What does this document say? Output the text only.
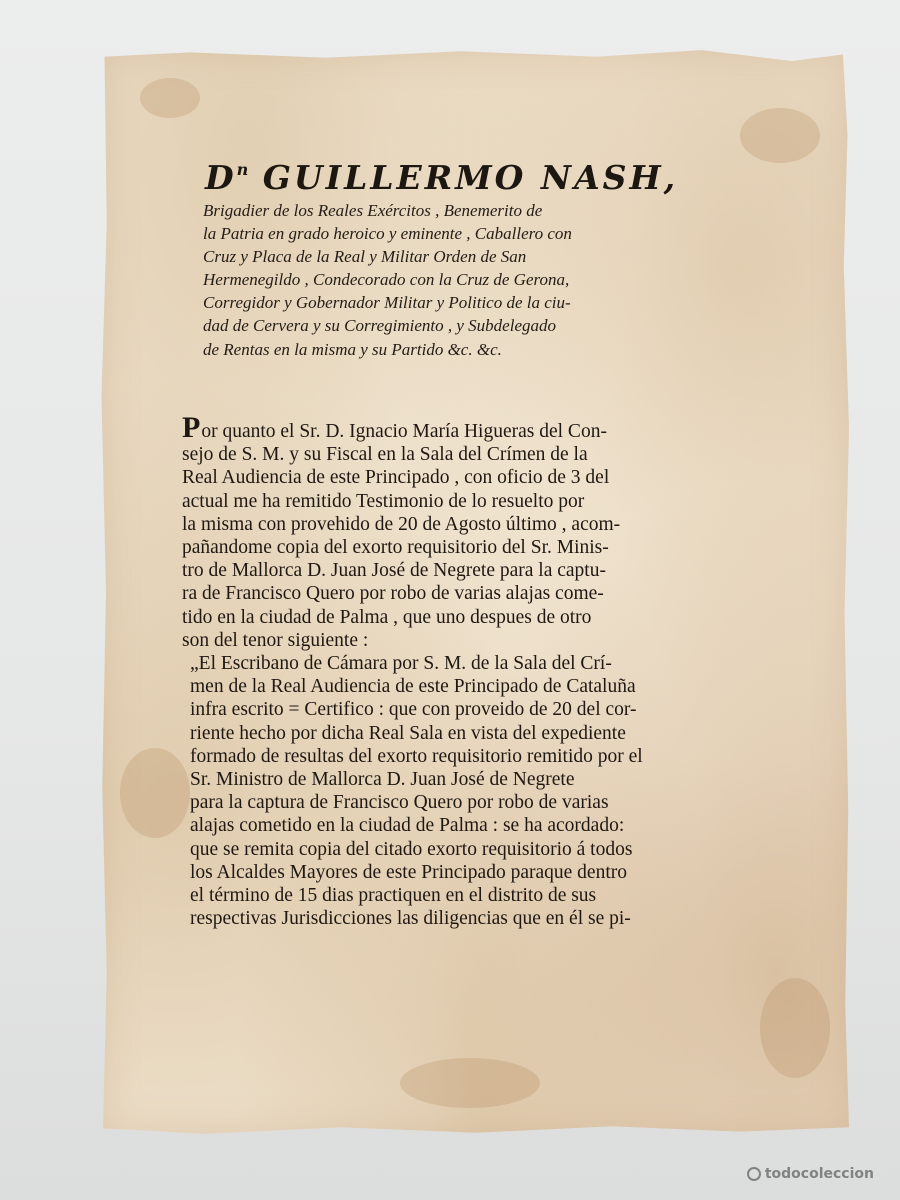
$D^n$ GUILLERMO NASH,
Brigadier de los Reales Exércitos , Benemerito de
la Patria en grado heroico y eminente , Caballero con
Cruz y Placa de la Real y Militar Orden de San
Hermenegildo , Condecorado con la Cruz de Gerona,
Corregidor y Gobernador Militar y Politico de la ciu-
dad de Cervera y su Corregimiento , y Subdelegado
de Rentas en la misma y su Partido &c. &c.
Por quanto el Sr. D. Ignacio María Higueras del Con-
sejo de S. M. y su Fiscal en la Sala del Crímen de la
Real Audiencia de este Principado , con oficio de 3 del
actual me ha remitido Testimonio de lo resuelto por
la misma con provehido de 20 de Agosto último , acom-
pañandome copia del exorto requisitorio del Sr. Minis-
tro de Mallorca D. Juan José de Negrete para la captu-
ra de Francisco Quero por robo de varias alajas come-
tido en la ciudad de Palma , que uno despues de otro
son del tenor siguiente :
„El Escribano de Cámara por S. M. de la Sala del Crí-
men de la Real Audiencia de este Principado de Cataluña
infra escrito = Certifico : que con proveido de 20 del cor-
riente hecho por dicha Real Sala en vista del expediente
formado de resultas del exorto requisitorio remitido por el
Sr. Ministro de Mallorca D. Juan José de Negrete
para la captura de Francisco Quero por robo de varias
alajas cometido en la ciudad de Palma : se ha acordado:
que se remita copia del citado exorto requisitorio á todos
los Alcaldes Mayores de este Principado paraque dentro
el término de 15 dias practiquen en el distrito de sus
respectivas Jurisdicciones las diligencias que en él se pi-
todocoleccion
